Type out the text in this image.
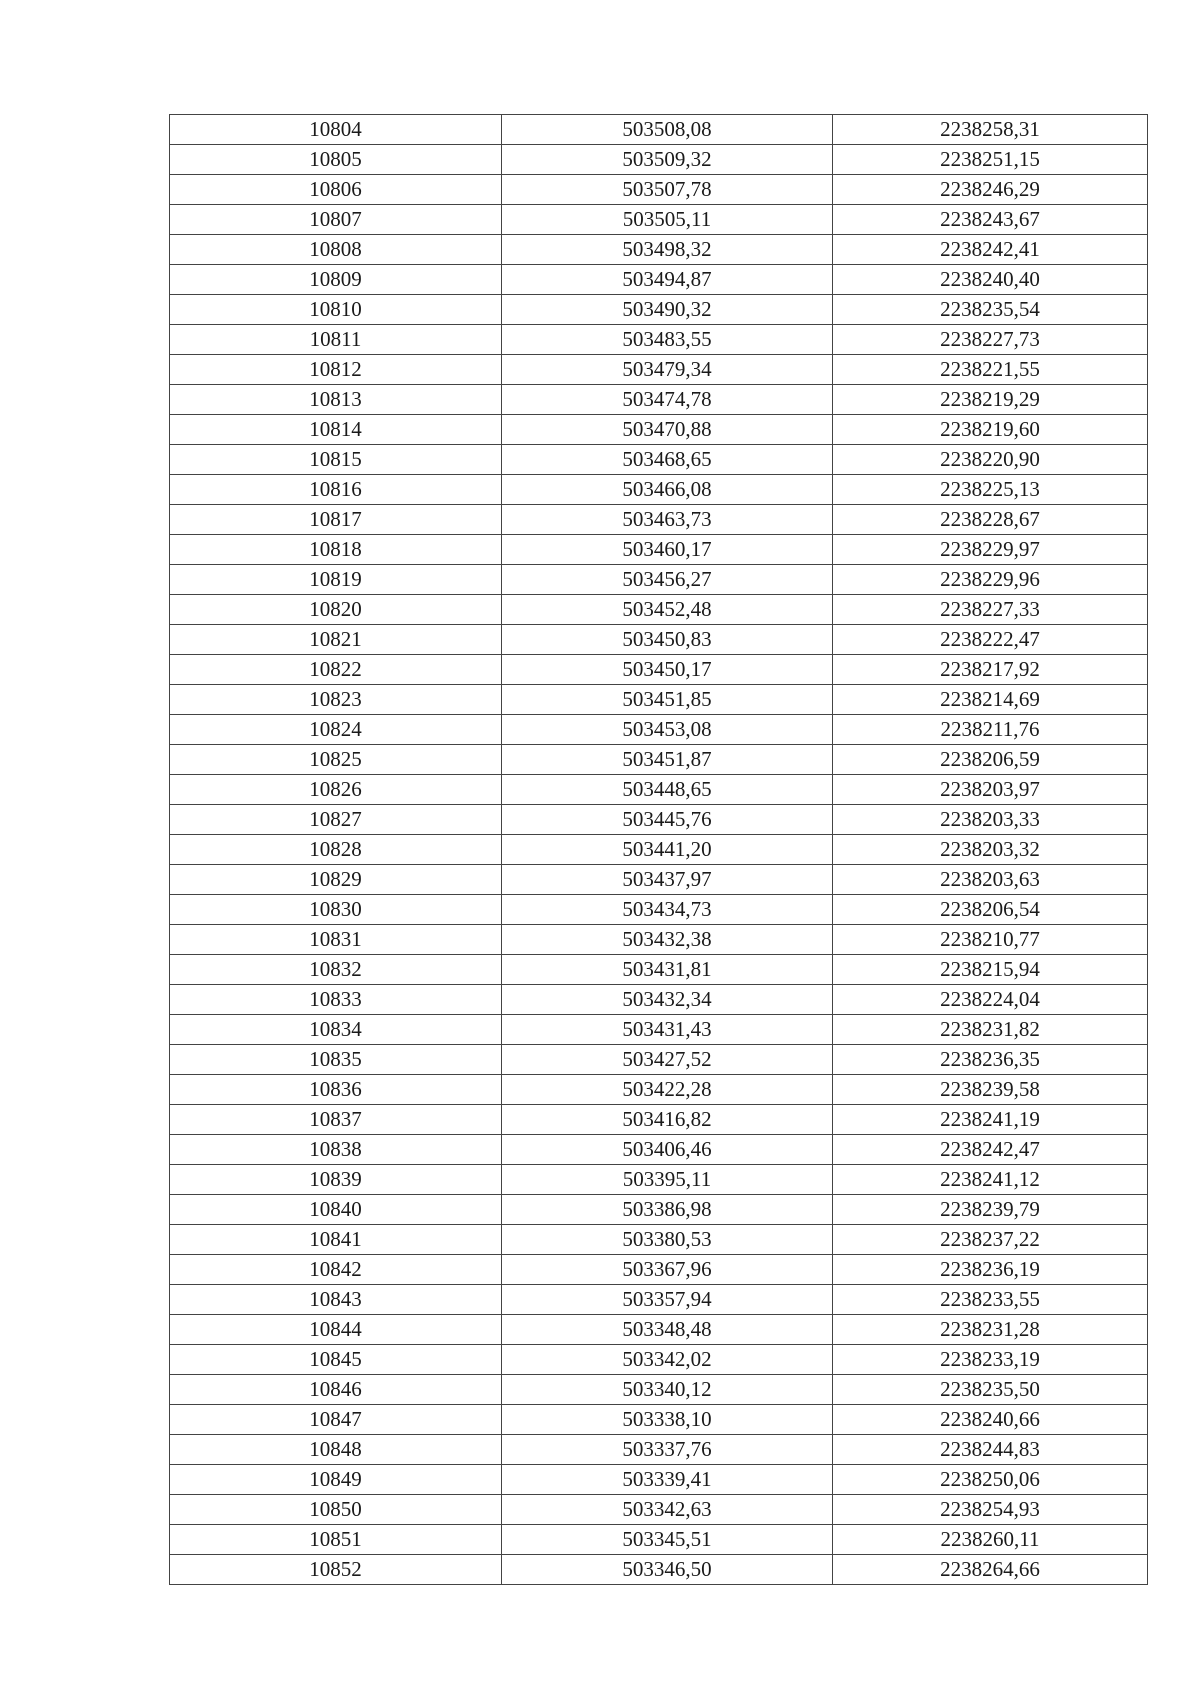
10804	503508,08	2238258,31
10805	503509,32	2238251,15
10806	503507,78	2238246,29
10807	503505,11	2238243,67
10808	503498,32	2238242,41
10809	503494,87	2238240,40
10810	503490,32	2238235,54
10811	503483,55	2238227,73
10812	503479,34	2238221,55
10813	503474,78	2238219,29
10814	503470,88	2238219,60
10815	503468,65	2238220,90
10816	503466,08	2238225,13
10817	503463,73	2238228,67
10818	503460,17	2238229,97
10819	503456,27	2238229,96
10820	503452,48	2238227,33
10821	503450,83	2238222,47
10822	503450,17	2238217,92
10823	503451,85	2238214,69
10824	503453,08	2238211,76
10825	503451,87	2238206,59
10826	503448,65	2238203,97
10827	503445,76	2238203,33
10828	503441,20	2238203,32
10829	503437,97	2238203,63
10830	503434,73	2238206,54
10831	503432,38	2238210,77
10832	503431,81	2238215,94
10833	503432,34	2238224,04
10834	503431,43	2238231,82
10835	503427,52	2238236,35
10836	503422,28	2238239,58
10837	503416,82	2238241,19
10838	503406,46	2238242,47
10839	503395,11	2238241,12
10840	503386,98	2238239,79
10841	503380,53	2238237,22
10842	503367,96	2238236,19
10843	503357,94	2238233,55
10844	503348,48	2238231,28
10845	503342,02	2238233,19
10846	503340,12	2238235,50
10847	503338,10	2238240,66
10848	503337,76	2238244,83
10849	503339,41	2238250,06
10850	503342,63	2238254,93
10851	503345,51	2238260,11
10852	503346,50	2238264,66
